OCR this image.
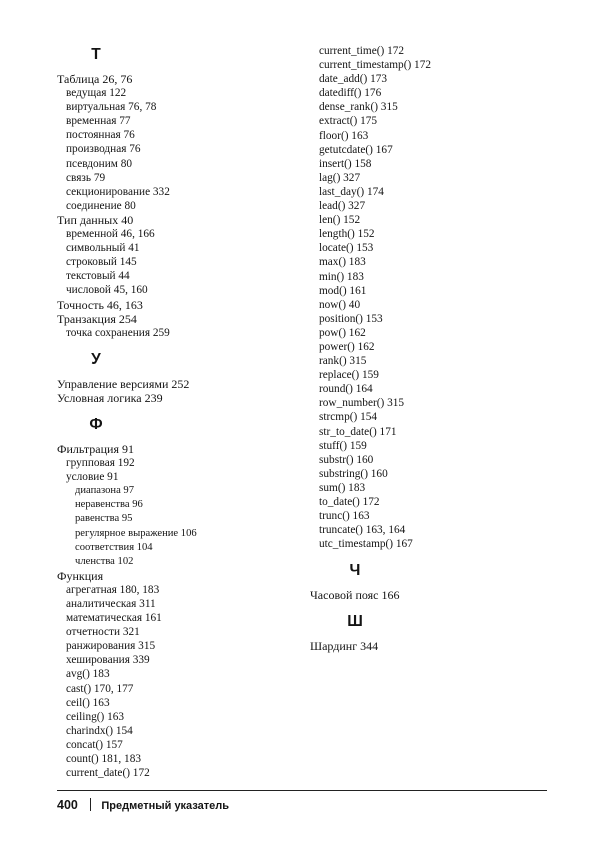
Т
Таблица 26, 76
ведущая 122
виртуальная 76, 78
временная 77
постоянная 76
производная 76
псевдоним 80
связь 79
секционирование 332
соединение 80
Тип данных 40
временной 46, 166
символьный 41
строковый 145
текстовый 44
числовой 45, 160
Точность 46, 163
Транзакция 254
точка сохранения 259
У
Управление версиями 252
Условная логика 239
Ф
Фильтрация 91
групповая 192
условие 91
диапазона 97
неравенства 96
равенства 95
регулярное выражение 106
соответствия 104
членства 102
Функция
агрегатная 180, 183
аналитическая 311
математическая 161
отчетности 321
ранжирования 315
хеширования 339
avg() 183
cast() 170, 177
ceil() 163
ceiling() 163
charindx() 154
concat() 157
count() 181, 183
current_date() 172
current_time() 172
current_timestamp() 172
date_add() 173
datediff() 176
dense_rank() 315
extract() 175
floor() 163
getutcdate() 167
insert() 158
lag() 327
last_day() 174
lead() 327
len() 152
length() 152
locate() 153
max() 183
min() 183
mod() 161
now() 40
position() 153
pow() 162
power() 162
rank() 315
replace() 159
round() 164
row_number() 315
strcmp() 154
str_to_date() 171
stuff() 159
substr() 160
substring() 160
sum() 183
to_date() 172
trunc() 163
truncate() 163, 164
utc_timestamp() 167
Ч
Часовой пояс 166
Ш
Шардинг 344
400 Предметный указатель
